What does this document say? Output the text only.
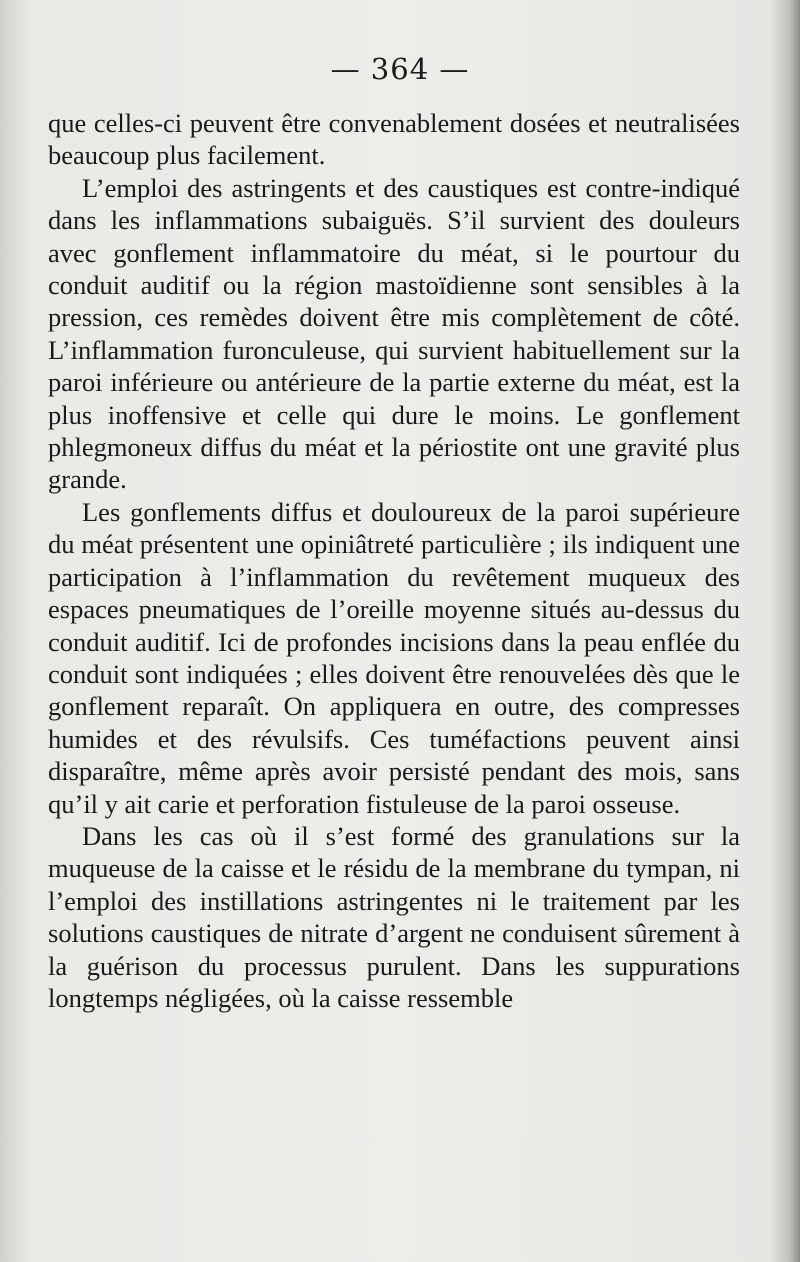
— 364 —

que celles-ci peuvent être convenablement dosées et neutralisées beaucoup plus facilement.

L’emploi des astringents et des caustiques est contre-indiqué dans les inflammations subaiguës. S’il survient des douleurs avec gonflement inflammatoire du méat, si le pourtour du conduit auditif ou la région mastoïdienne sont sensibles à la pression, ces remèdes doivent être mis complètement de côté. L’inflammation furonculeuse, qui survient habituellement sur la paroi inférieure ou antérieure de la partie externe du méat, est la plus inoffensive et celle qui dure le moins. Le gonflement phlegmoneux diffus du méat et la périostite ont une gravité plus grande.

Les gonflements diffus et douloureux de la paroi supérieure du méat présentent une opiniâtreté particulière ; ils indiquent une participation à l’inflammation du revêtement muqueux des espaces pneumatiques de l’oreille moyenne situés au-dessus du conduit auditif. Ici de profondes incisions dans la peau enflée du conduit sont indiquées ; elles doivent être renouvelées dès que le gonflement reparaît. On appliquera en outre, des compresses humides et des révulsifs. Ces tuméfactions peuvent ainsi disparaître, même après avoir persisté pendant des mois, sans qu’il y ait carie et perforation fistuleuse de la paroi osseuse.

Dans les cas où il s’est formé des granulations sur la muqueuse de la caisse et le résidu de la membrane du tympan, ni l’emploi des instillations astringentes ni le traitement par les solutions caustiques de nitrate d’argent ne conduisent sûrement à la guérison du processus purulent. Dans les suppurations longtemps négligées, où la caisse ressemble
